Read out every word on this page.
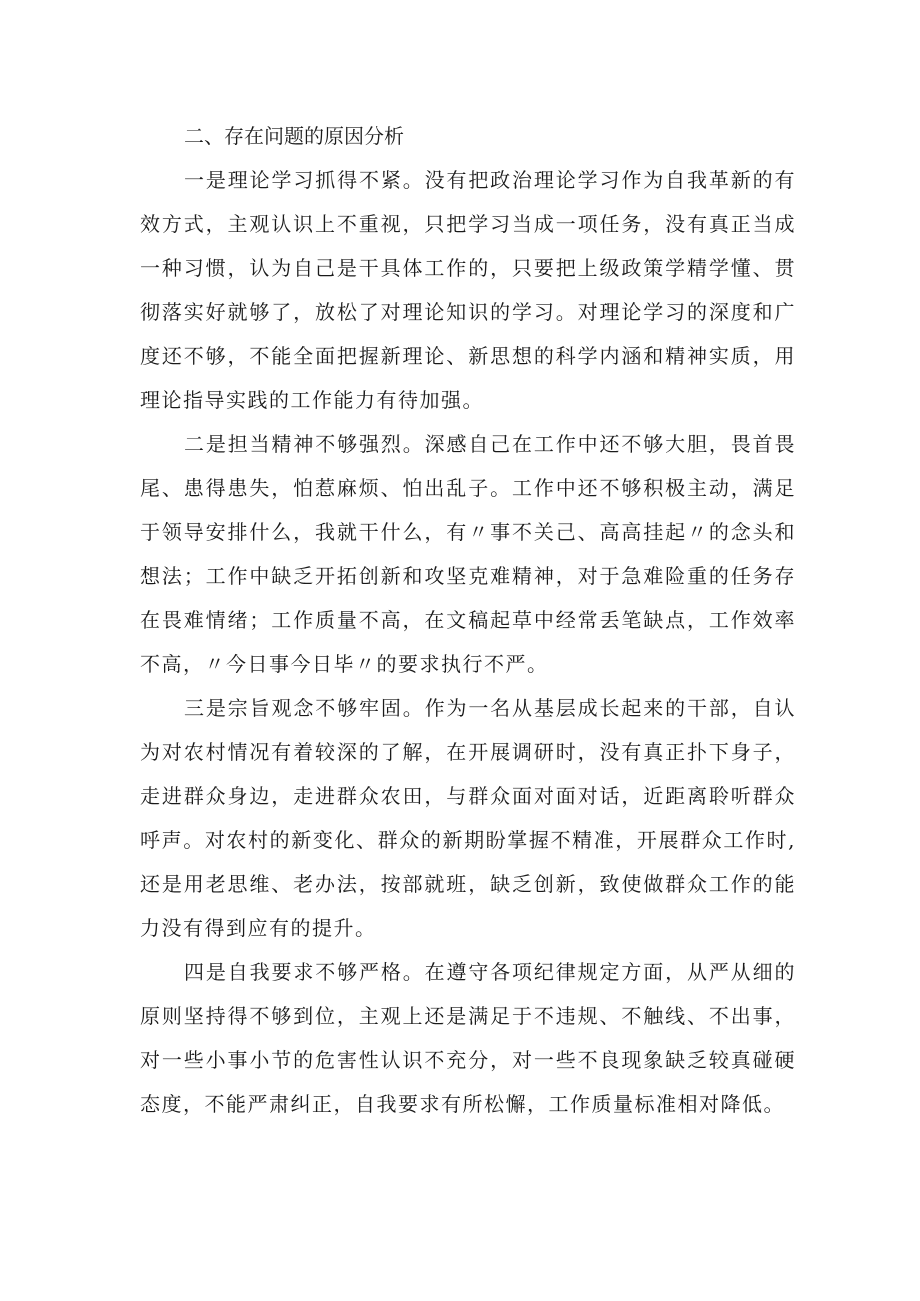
二、存在问题的原因分析

一是理论学习抓得不紧。没有把政治理论学习作为自我革新的有效方式，主观认识上不重视，只把学习当成一项任务，没有真正当成一种习惯，认为自己是干具体工作的，只要把上级政策学精学懂、贯彻落实好就够了，放松了对理论知识的学习。对理论学习的深度和广度还不够，不能全面把握新理论、新思想的科学内涵和精神实质，用理论指导实践的工作能力有待加强。

二是担当精神不够强烈。深感自己在工作中还不够大胆，畏首畏尾、患得患失，怕惹麻烦、怕出乱子。工作中还不够积极主动，满足于领导安排什么，我就干什么，有〃事不关己、高高挂起〃的念头和想法；工作中缺乏开拓创新和攻坚克难精神，对于急难险重的任务存在畏难情绪；工作质量不高，在文稿起草中经常丢笔缺点，工作效率不高，〃今日事今日毕〃的要求执行不严。

三是宗旨观念不够牢固。作为一名从基层成长起来的干部，自认为对农村情况有着较深的了解，在开展调研时，没有真正扑下身子，走进群众身边，走进群众农田，与群众面对面对话，近距离聆听群众呼声。对农村的新变化、群众的新期盼掌握不精准，开展群众工作时,还是用老思维、老办法，按部就班，缺乏创新，致使做群众工作的能力没有得到应有的提升。

四是自我要求不够严格。在遵守各项纪律规定方面，从严从细的原则坚持得不够到位，主观上还是满足于不违规、不触线、不出事，对一些小事小节的危害性认识不充分，对一些不良现象缺乏较真碰硬态度，不能严肃纠正，自我要求有所松懈，工作质量标准相对降低。
